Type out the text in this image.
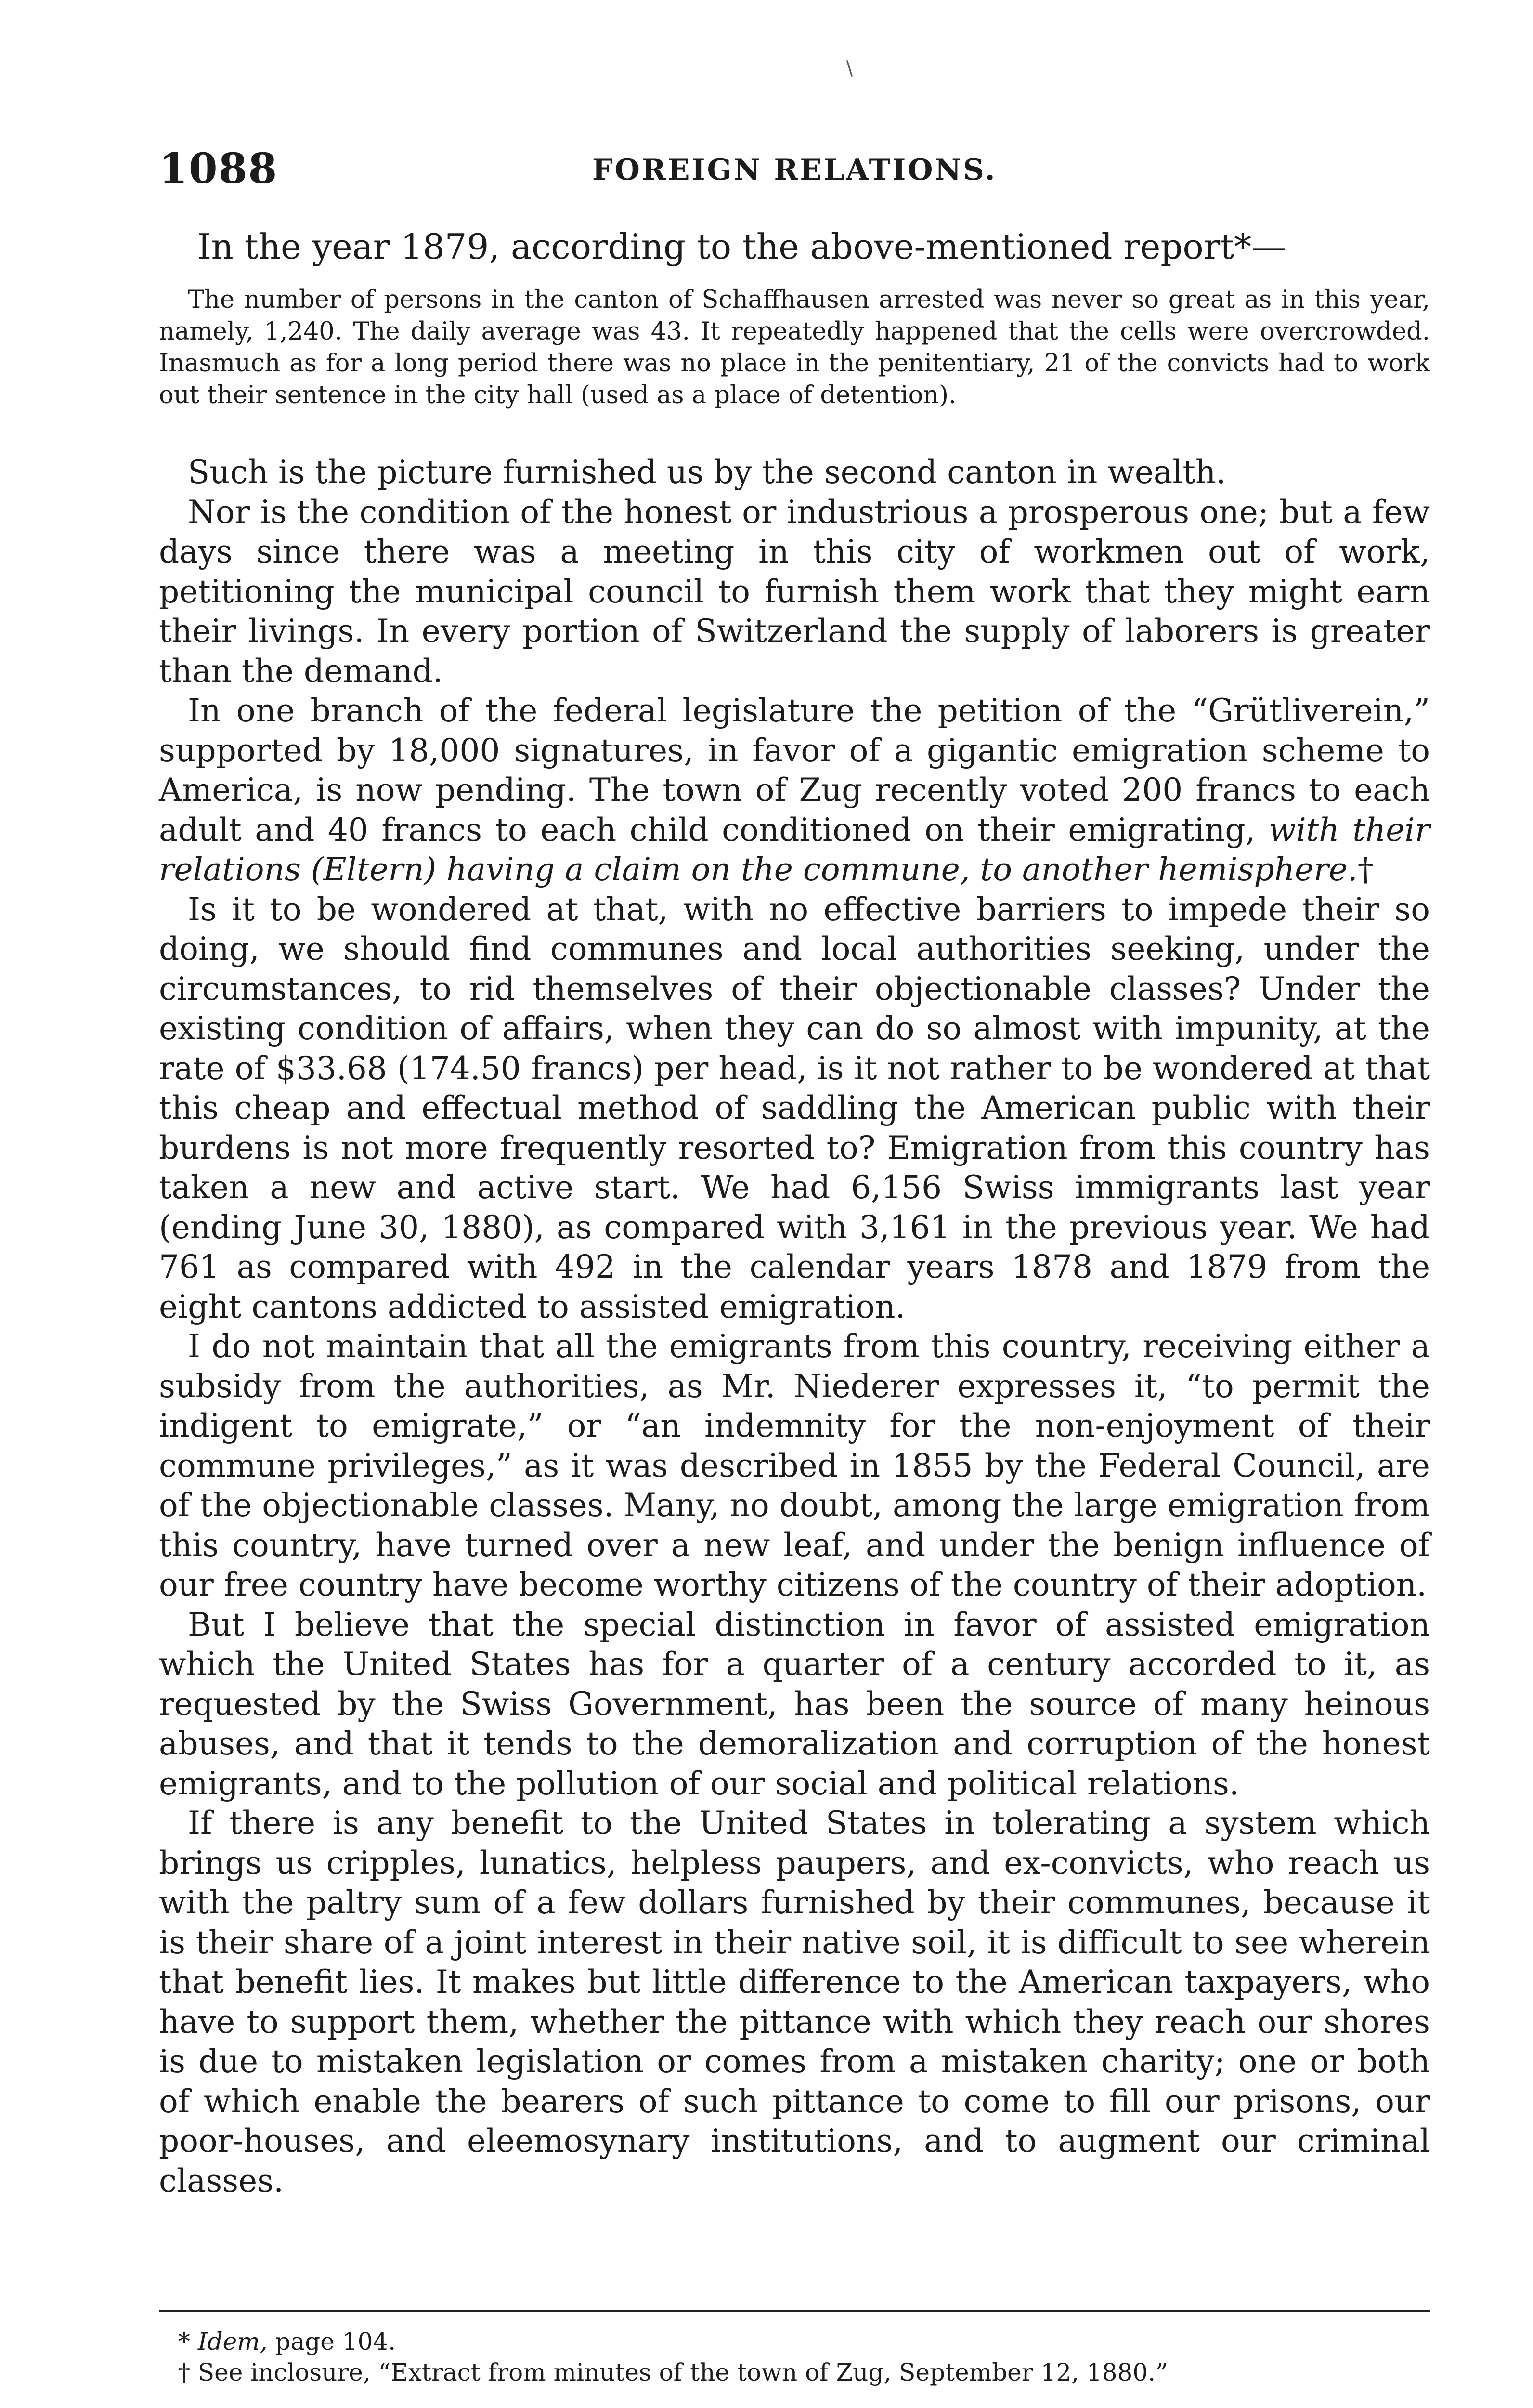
∖
1088	FOREIGN RELATIONS.
In the year 1879, according to the above-mentioned report*—

The number of persons in the canton of Schaffhausen arrested was never so great as in this year, namely, 1,240. The daily average was 43. It repeatedly happened that the cells were overcrowded. Inasmuch as for a long period there was no place in the penitentiary, 21 of the convicts had to work out their sentence in the city hall (used as a place of detention).

Such is the picture furnished us by the second canton in wealth.

Nor is the condition of the honest or industrious a prosperous one; but a few days since there was a meeting in this city of workmen out of work, petitioning the municipal council to furnish them work that they might earn their livings. In every portion of Switzerland the supply of laborers is greater than the demand.

In one branch of the federal legislature the petition of the “Grütliverein,” supported by 18,000 signatures, in favor of a gigantic emigration scheme to America, is now pending. The town of Zug recently voted 200 francs to each adult and 40 francs to each child conditioned on their emigrating, with their relations (Eltern) having a claim on the commune, to another hemisphere.†

Is it to be wondered at that, with no effective barriers to impede their so doing, we should find communes and local authorities seeking, under the circumstances, to rid themselves of their objectionable classes? Under the existing condition of affairs, when they can do so almost with impunity, at the rate of $33.68 (174.50 francs) per head, is it not rather to be wondered at that this cheap and effectual method of saddling the American public with their burdens is not more frequently resorted to? Emigration from this country has taken a new and active start. We had 6,156 Swiss immigrants last year (ending June 30, 1880), as compared with 3,161 in the previous year. We had 761 as compared with 492 in the calendar years 1878 and 1879 from the eight cantons addicted to assisted emigration.

I do not maintain that all the emigrants from this country, receiving either a subsidy from the authorities, as Mr. Niederer expresses it, “to permit the indigent to emigrate,” or “an indemnity for the non-enjoyment of their commune privileges,” as it was described in 1855 by the Federal Council, are of the objectionable classes. Many, no doubt, among the large emigration from this country, have turned over a new leaf, and under the benign influence of our free country have become worthy citizens of the country of their adoption.

But I believe that the special distinction in favor of assisted emigration which the United States has for a quarter of a century accorded to it, as requested by the Swiss Government, has been the source of many heinous abuses, and that it tends to the demoralization and corruption of the honest emigrants, and to the pollution of our social and political relations.

If there is any benefit to the United States in tolerating a system which brings us cripples, lunatics, helpless paupers, and ex-convicts, who reach us with the paltry sum of a few dollars furnished by their communes, because it is their share of a joint interest in their native soil, it is difficult to see wherein that benefit lies. It makes but little difference to the American taxpayers, who have to support them, whether the pittance with which they reach our shores is due to mistaken legislation or comes from a mistaken charity; one or both of which enable the bearers of such pittance to come to fill our prisons, our poor-houses, and eleemosynary institutions, and to augment our criminal classes.

* Idem, page 104.
† See inclosure, “Extract from minutes of the town of Zug, September 12, 1880.”
